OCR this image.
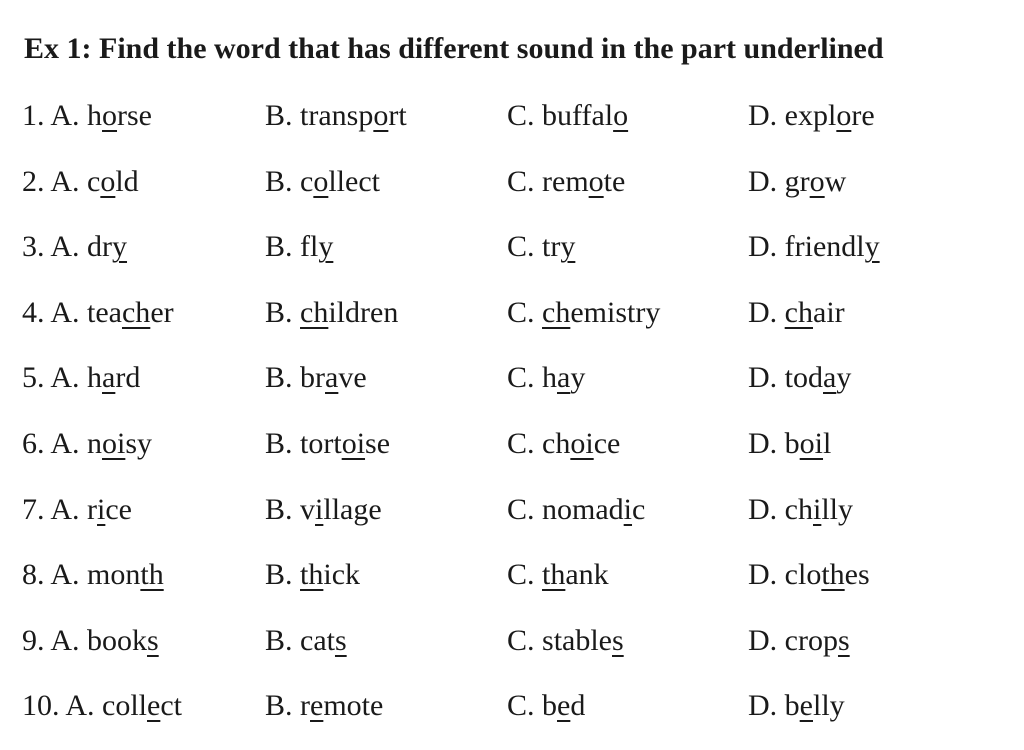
Ex 1: Find the word that has different sound in the part underlined
1. A. horse	B. transport	C. buffalo	D. explore
2. A. cold	B. collect	C. remote	D. grow
3. A. dry	B. fly	C. try	D. friendly
4. A. teacher	B. children	C. chemistry	D. chair
5. A. hard	B. brave	C. hay	D. today
6. A. noisy	B. tortoise	C. choice	D. boil
7. A. rice	B. village	C. nomadic	D. chilly
8. A. month	B. thick	C. thank	D. clothes
9. A. books	B. cats	C. stables	D. crops
10. A. collect	B. remote	C. bed	D. belly
